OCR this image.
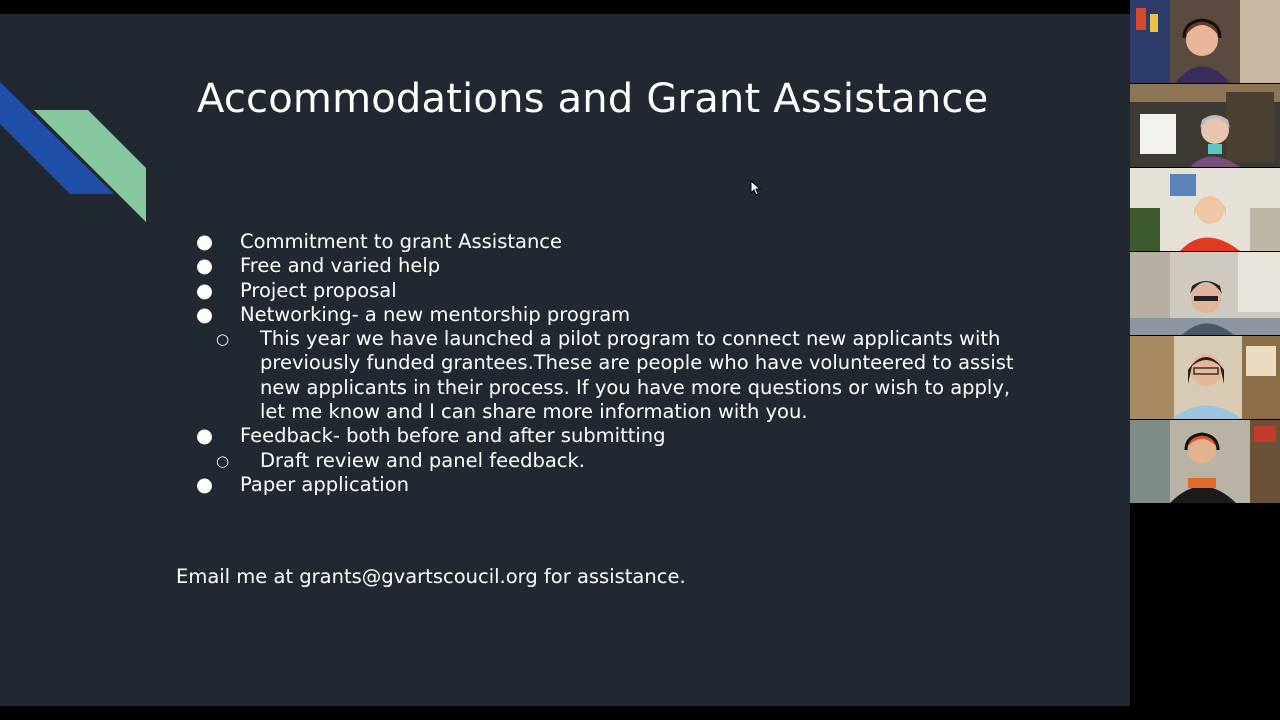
Accommodations and Grant Assistance
● Commitment to grant Assistance
● Free and varied help
● Project proposal
● Networking- a new mentorship program
○ This year we have launched a pilot program to connect new applicants with
previously funded grantees.These are people who have volunteered to assist
new applicants in their process. If you have more questions or wish to apply,
let me know and I can share more information with you.
● Feedback- both before and after submitting
○ Draft review and panel feedback.
● Paper application

Email me at grants@gvartscoucil.org for assistance.
